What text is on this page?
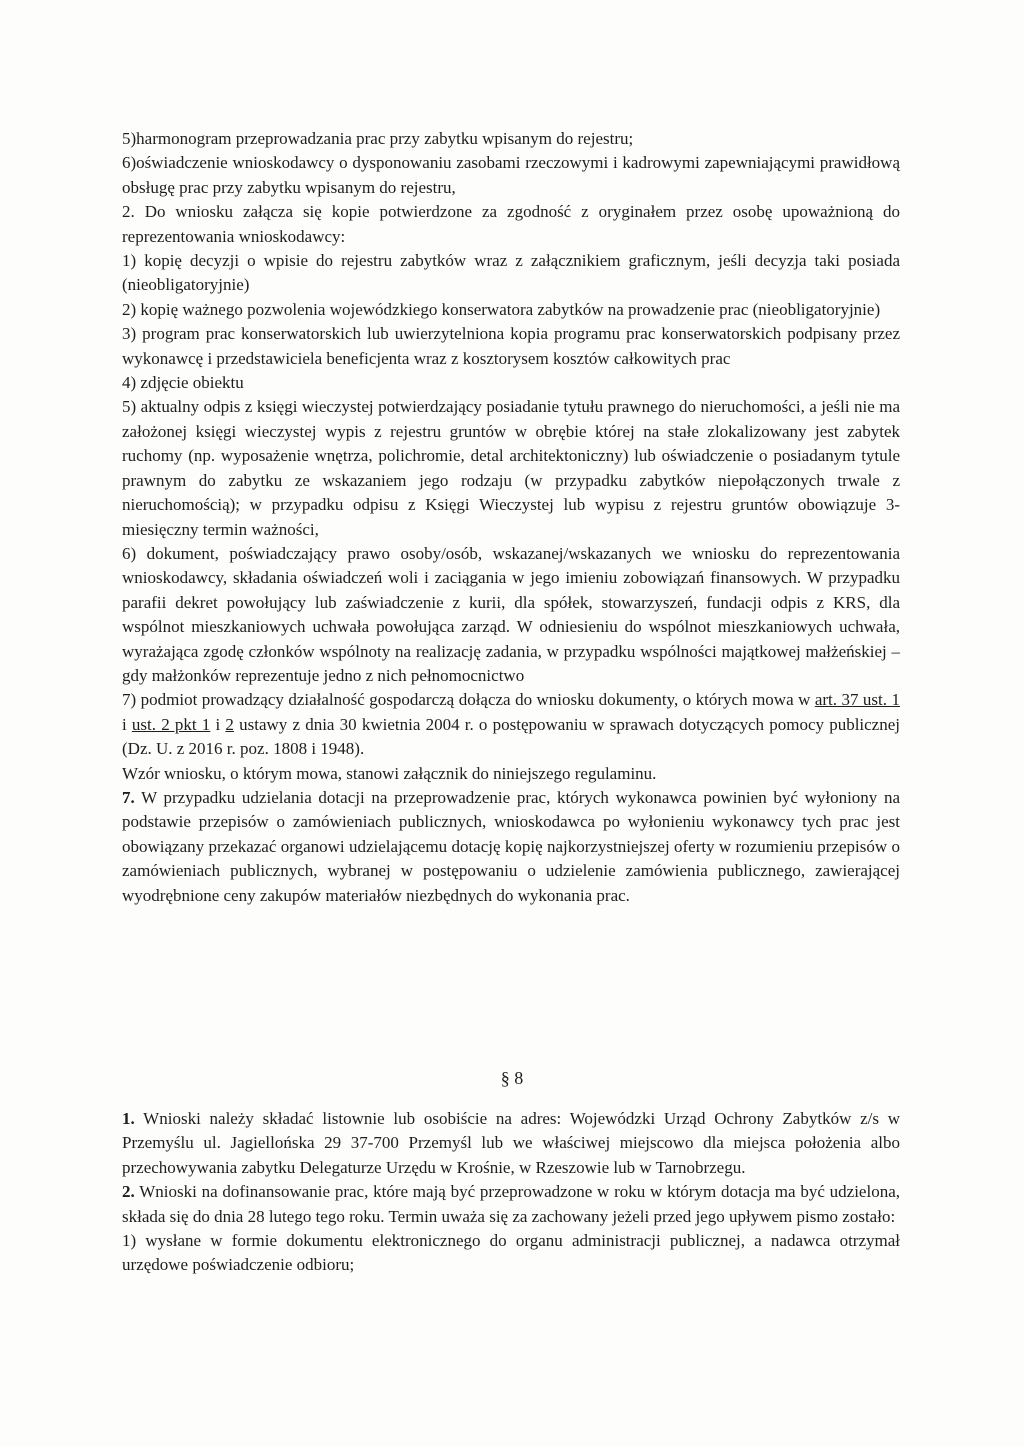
5)harmonogram przeprowadzania prac przy zabytku wpisanym do rejestru;

6)oświadczenie wnioskodawcy o dysponowaniu zasobami rzeczowymi i kadrowymi zapewniającymi prawidłową obsługę prac przy zabytku wpisanym do rejestru,

2. Do wniosku załącza się kopie potwierdzone za zgodność z oryginałem przez osobę upoważnioną do reprezentowania wnioskodawcy:

1) kopię decyzji o wpisie do rejestru zabytków wraz z załącznikiem graficznym, jeśli decyzja taki posiada (nieobligatoryjnie)

2) kopię ważnego pozwolenia wojewódzkiego konserwatora zabytków na prowadzenie prac (nieobligatoryjnie)

3) program prac konserwatorskich lub uwierzytelniona kopia programu prac konserwatorskich podpisany przez wykonawcę i przedstawiciela beneficjenta wraz z kosztorysem kosztów całkowitych prac

4) zdjęcie obiektu

5) aktualny odpis z księgi wieczystej potwierdzający posiadanie tytułu prawnego do nieruchomości, a jeśli nie ma założonej księgi wieczystej wypis z rejestru gruntów w obrębie której na stałe zlokalizowany jest zabytek ruchomy (np. wyposażenie wnętrza, polichromie, detal architektoniczny) lub oświadczenie o posiadanym tytule prawnym do zabytku ze wskazaniem jego rodzaju (w przypadku zabytków niepołączonych trwale z nieruchomością); w przypadku odpisu z Księgi Wieczystej lub wypisu z rejestru gruntów obowiązuje 3-miesięczny termin ważności,

6) dokument, poświadczający prawo osoby/osób, wskazanej/wskazanych we wniosku do reprezentowania wnioskodawcy, składania oświadczeń woli i zaciągania w jego imieniu zobowiązań finansowych. W przypadku parafii dekret powołujący lub zaświadczenie z kurii, dla spółek, stowarzyszeń, fundacji odpis z KRS, dla wspólnot mieszkaniowych uchwała powołująca zarząd. W odniesieniu do wspólnot mieszkaniowych uchwała, wyrażająca zgodę członków wspólnoty na realizację zadania, w przypadku wspólności majątkowej małżeńskiej – gdy małżonków reprezentuje jedno z nich pełnomocnictwo

7) podmiot prowadzący działalność gospodarczą dołącza do wniosku dokumenty, o których mowa w art. 37 ust. 1 i ust. 2 pkt 1 i 2 ustawy z dnia 30 kwietnia 2004 r. o postępowaniu w sprawach dotyczących pomocy publicznej (Dz. U. z 2016 r. poz. 1808 i 1948).

Wzór wniosku, o którym mowa, stanowi załącznik do niniejszego regulaminu.

7. W przypadku udzielania dotacji na przeprowadzenie prac, których wykonawca powinien być wyłoniony na podstawie przepisów o zamówieniach publicznych, wnioskodawca po wyłonieniu wykonawcy tych prac jest obowiązany przekazać organowi udzielającemu dotację kopię najkorzystniejszej oferty w rozumieniu przepisów o zamówieniach publicznych, wybranej w postępowaniu o udzielenie zamówienia publicznego, zawierającej wyodrębnione ceny zakupów materiałów niezbędnych do wykonania prac.

§ 8

1. Wnioski należy składać listownie lub osobiście na adres: Wojewódzki Urząd Ochrony Zabytków z/s w Przemyślu ul. Jagiellońska 29 37-700 Przemyśl lub we właściwej miejscowo dla miejsca położenia albo przechowywania zabytku Delegaturze Urzędu w Krośnie, w Rzeszowie lub w Tarnobrzegu.

2. Wnioski na dofinansowanie prac, które mają być przeprowadzone w roku w którym dotacja ma być udzielona, składa się do dnia 28 lutego tego roku. Termin uważa się za zachowany jeżeli przed jego upływem pismo zostało:

1) wysłane w formie dokumentu elektronicznego do organu administracji publicznej, a nadawca otrzymał urzędowe poświadczenie odbioru;
